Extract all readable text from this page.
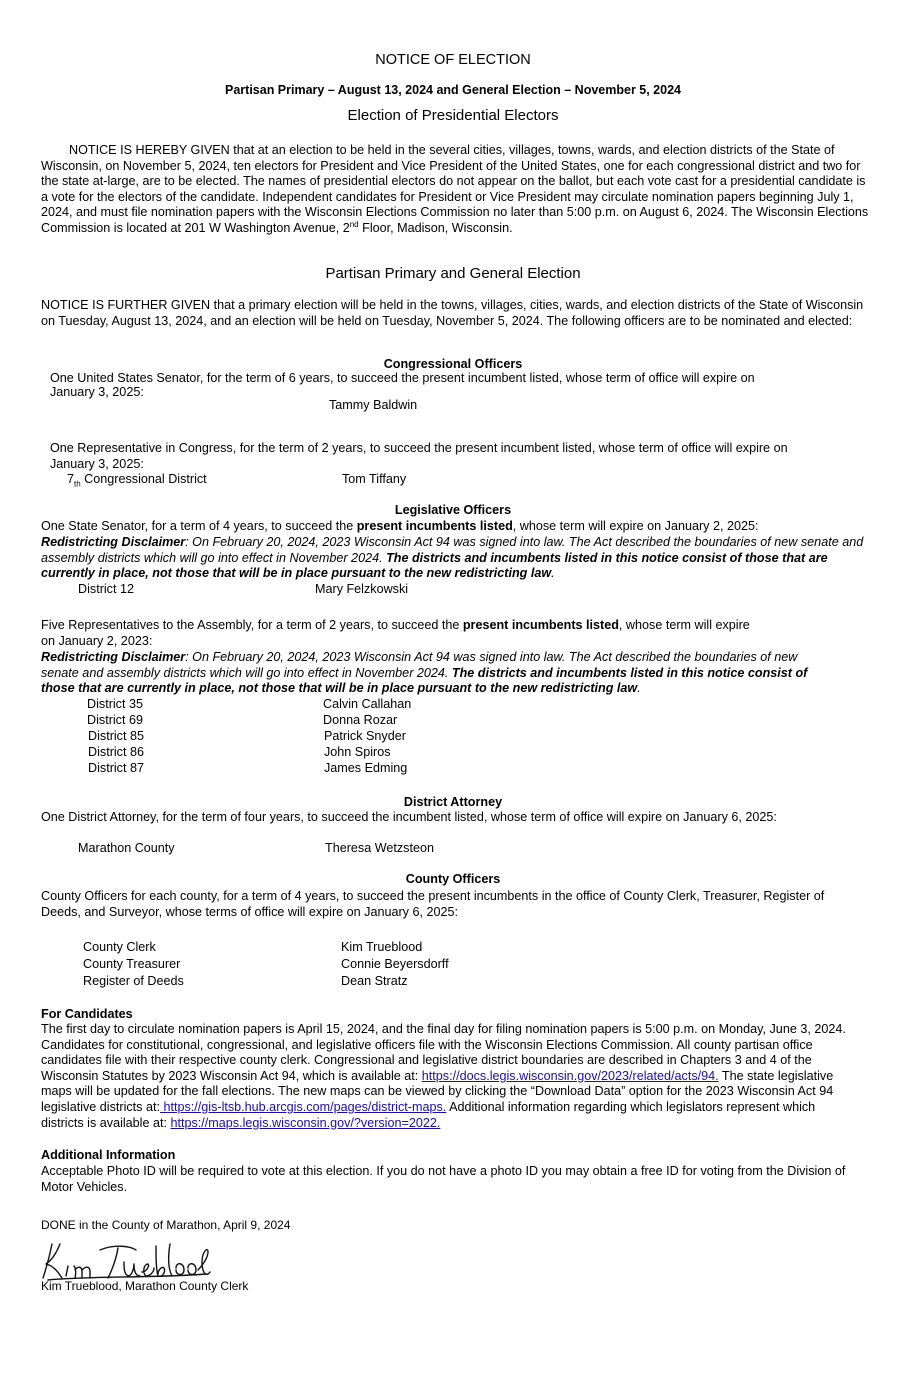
NOTICE OF ELECTION
Partisan Primary – August 13, 2024 and General Election – November 5, 2024
Election of Presidential Electors
NOTICE IS HEREBY GIVEN that at an election to be held in the several cities, villages, towns, wards, and election districts of the State of Wisconsin, on November 5, 2024, ten electors for President and Vice President of the United States, one for each congressional district and two for the state at-large, are to be elected. The names of presidential electors do not appear on the ballot, but each vote cast for a presidential candidate is a vote for the electors of the candidate. Independent candidates for President or Vice President may circulate nomination papers beginning July 1, 2024, and must file nomination papers with the Wisconsin Elections Commission no later than 5:00 p.m. on August 6, 2024. The Wisconsin Elections Commission is located at 201 W Washington Avenue, 2nd Floor, Madison, Wisconsin.
Partisan Primary and General Election
NOTICE IS FURTHER GIVEN that a primary election will be held in the towns, villages, cities, wards, and election districts of the State of Wisconsin on Tuesday, August 13, 2024, and an election will be held on Tuesday, November 5, 2024. The following officers are to be nominated and elected:
Congressional Officers
One United States Senator, for the term of 6 years, to succeed the present incumbent listed, whose term of office will expire on
January 3, 2025:
Tammy Baldwin
One Representative in Congress, for the term of 2 years, to succeed the present incumbent listed, whose term of office will expire on
January 3, 2025:
$7_{th}$ Congressional District	Tom Tiffany
Legislative Officers
One State Senator, for a term of 4 years, to succeed the present incumbents listed, whose term will expire on January 2, 2025:
Redistricting Disclaimer: On February 20, 2024, 2023 Wisconsin Act 94 was signed into law. The Act described the boundaries of new senate and assembly districts which will go into effect in November 2024. The districts and incumbents listed in this notice consist of those that are currently in place, not those that will be in place pursuant to the new redistricting law.
District 12	Mary Felzkowski
Five Representatives to the Assembly, for a term of 2 years, to succeed the present incumbents listed, whose term will expire
on January 2, 2023:
Redistricting Disclaimer: On February 20, 2024, 2023 Wisconsin Act 94 was signed into law. The Act described the boundaries of new senate and assembly districts which will go into effect in November 2024. The districts and incumbents listed in this notice consist of those that are currently in place, not those that will be in place pursuant to the new redistricting law.
District 35	Calvin Callahan
District 69	Donna Rozar
District 85	Patrick Snyder
District 86	John Spiros
District 87	James Edming
District Attorney
One District Attorney, for the term of four years, to succeed the incumbent listed, whose term of office will expire on January 6, 2025:
Marathon County	Theresa Wetzsteon
County Officers
County Officers for each county, for a term of 4 years, to succeed the present incumbents in the office of County Clerk, Treasurer, Register of Deeds, and Surveyor, whose terms of office will expire on January 6, 2025:
County Clerk	Kim Trueblood
County Treasurer	Connie Beyersdorff
Register of Deeds	Dean Stratz
For Candidates
The first day to circulate nomination papers is April 15, 2024, and the final day for filing nomination papers is 5:00 p.m. on Monday, June 3, 2024. Candidates for constitutional, congressional, and legislative officers file with the Wisconsin Elections Commission. All county partisan office candidates file with their respective county clerk. Congressional and legislative district boundaries are described in Chapters 3 and 4 of the Wisconsin Statutes by 2023 Wisconsin Act 94, which is available at: https://docs.legis.wisconsin.gov/2023/related/acts/94. The state legislative maps will be updated for the fall elections. The new maps can be viewed by clicking the “Download Data” option for the 2023 Wisconsin Act 94 legislative districts at: https://gis-ltsb.hub.arcgis.com/pages/district-maps. Additional information regarding which legislators represent which districts is available at: https://maps.legis.wisconsin.gov/?version=2022.
Additional Information
Acceptable Photo ID will be required to vote at this election. If you do not have a photo ID you may obtain a free ID for voting from the Division of Motor Vehicles.
DONE in the County of Marathon, April 9, 2024
Kim Trueblood, Marathon County Clerk
